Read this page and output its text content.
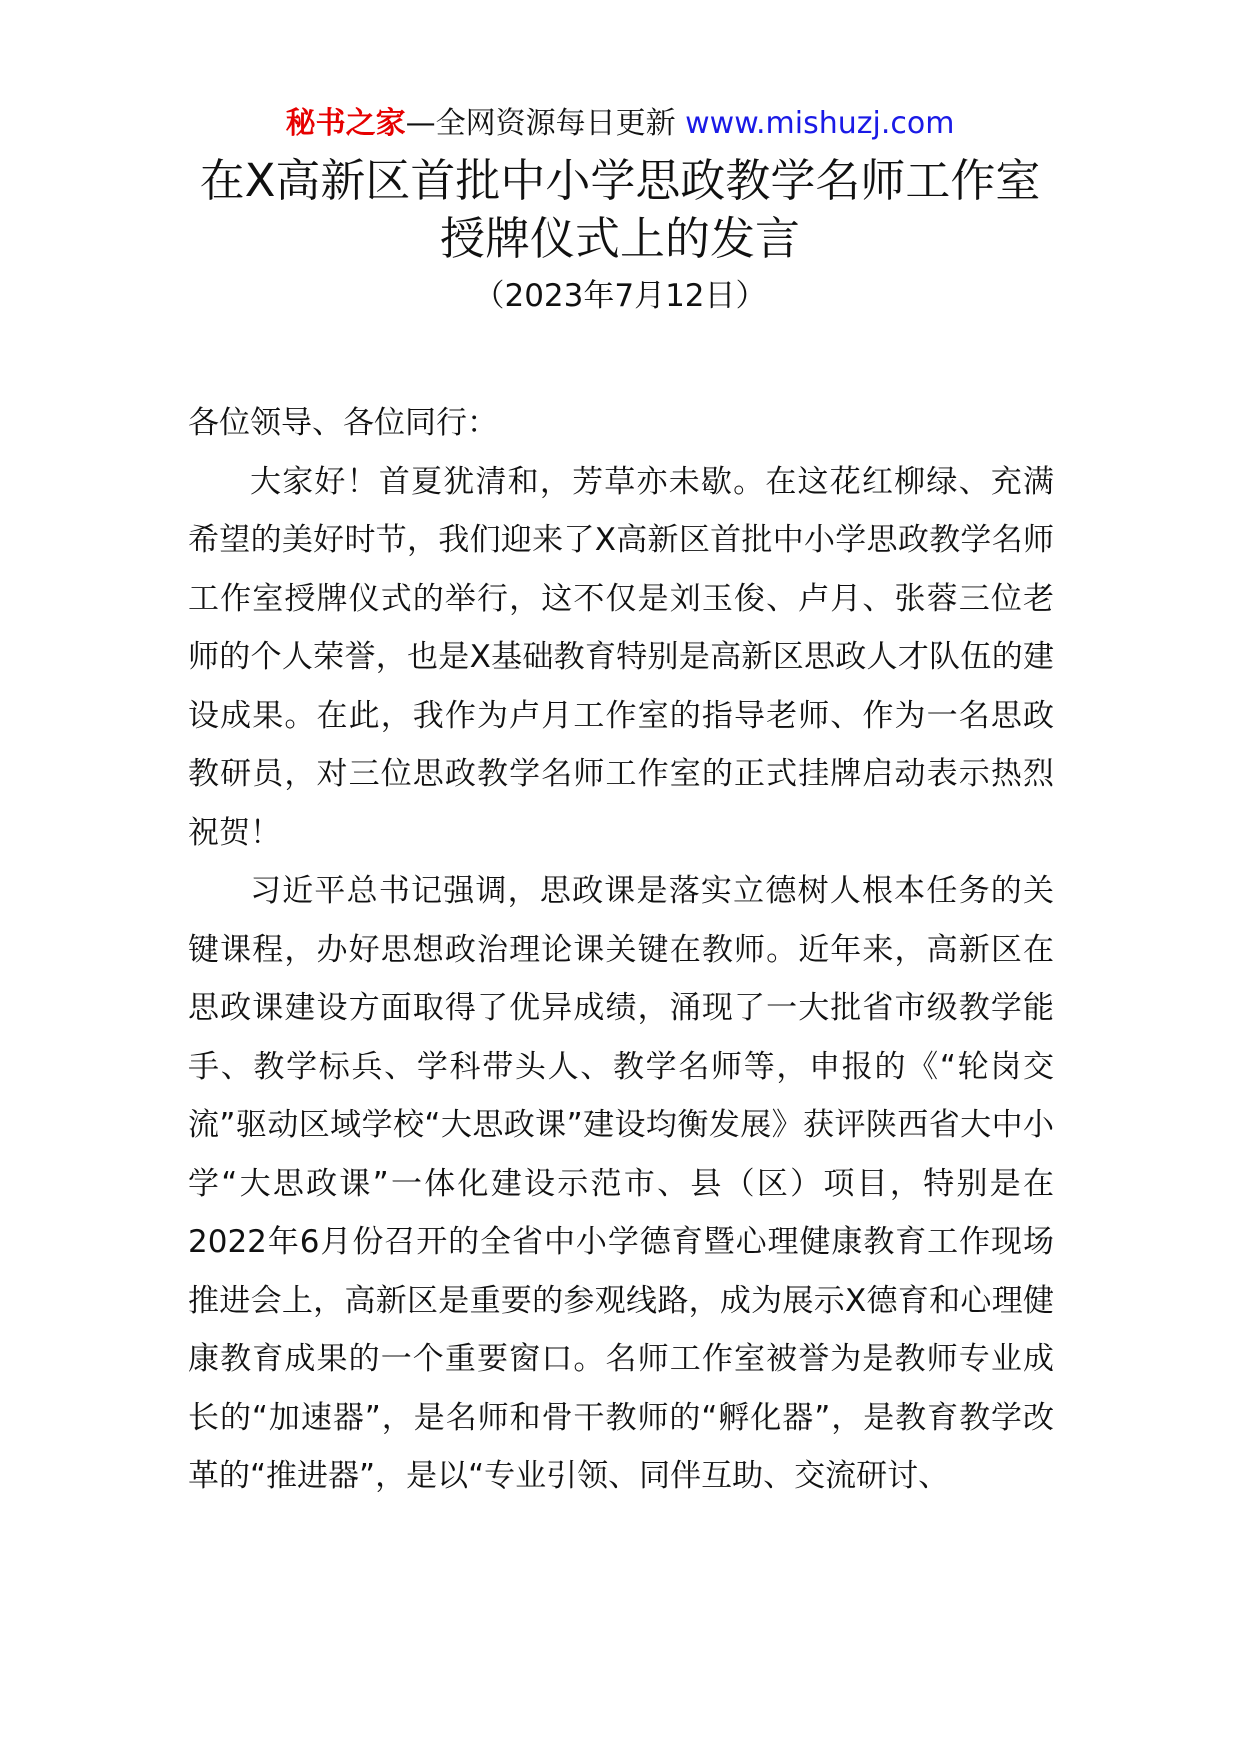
秘书之家—全网资源每日更新 www.mishuzj.com
在X高新区首批中小学思政教学名师工作室
授牌仪式上的发言
（2023年7月12日）

各位领导、各位同行：

大家好！首夏犹清和，芳草亦未歇。在这花红柳绿、充满希望的美好时节，我们迎来了X高新区首批中小学思政教学名师工作室授牌仪式的举行，这不仅是刘玉俊、卢月、张蓉三位老师的个人荣誉，也是X基础教育特别是高新区思政人才队伍的建设成果。在此，我作为卢月工作室的指导老师、作为一名思政教研员，对三位思政教学名师工作室的正式挂牌启动表示热烈祝贺！

习近平总书记强调，思政课是落实立德树人根本任务的关键课程，办好思想政治理论课关键在教师。近年来，高新区在思政课建设方面取得了优异成绩，涌现了一大批省市级教学能手、教学标兵、学科带头人、教学名师等，申报的《“轮岗交流”驱动区域学校“大思政课”建设均衡发展》获评陕西省大中小学“大思政课”一体化建设示范市、县（区）项目，特别是在2022年6月份召开的全省中小学德育暨心理健康教育工作现场推进会上，高新区是重要的参观线路，成为展示X德育和心理健康教育成果的一个重要窗口。名师工作室被誉为是教师专业成长的“加速器”，是名师和骨干教师的“孵化器”，是教育教学改革的“推进器”，是以“专业引领、同伴互助、交流研讨、
